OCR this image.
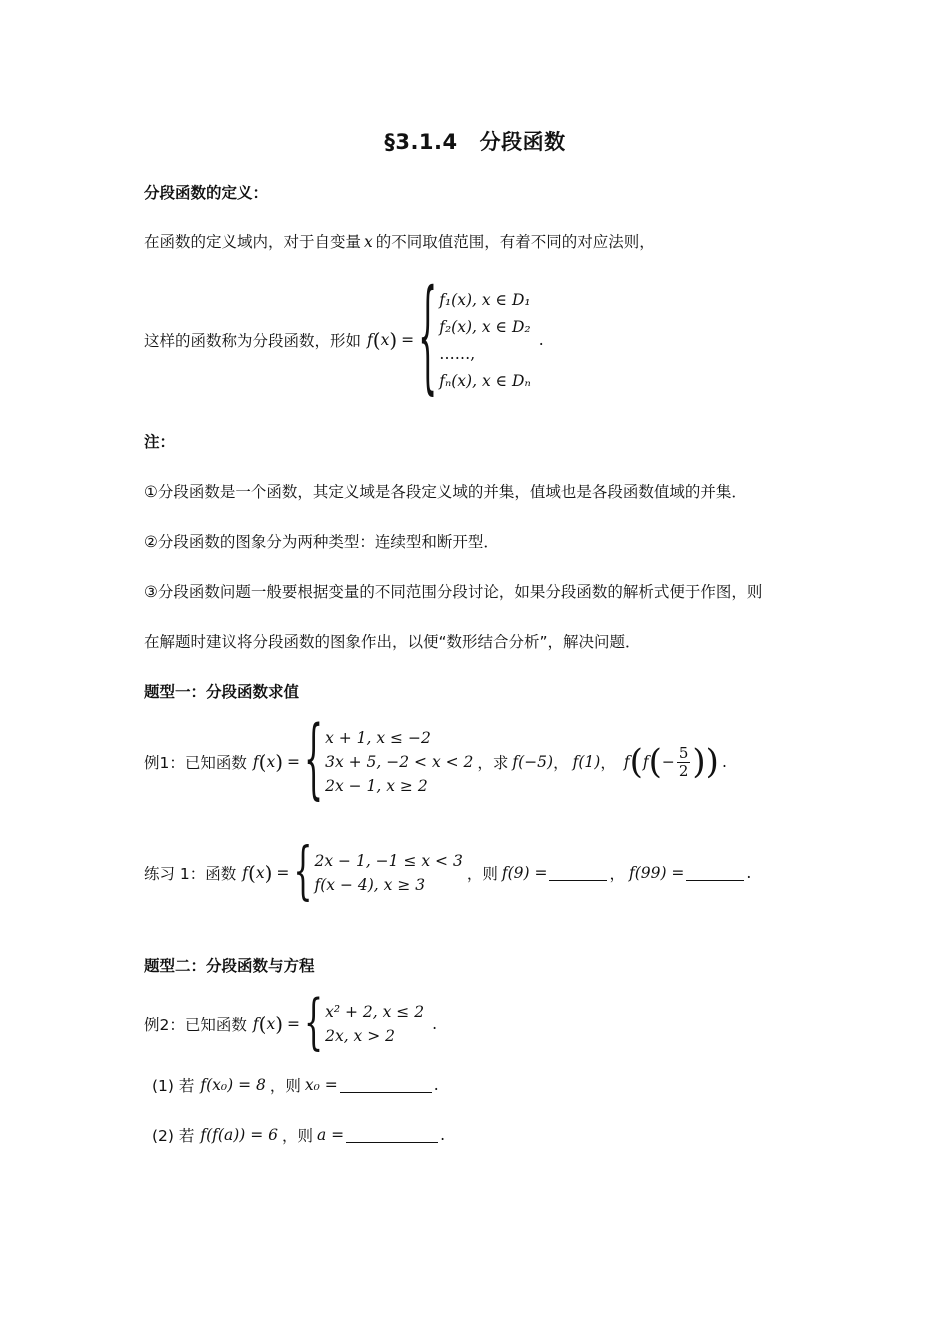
§3.1.4 分段函数
分段函数的定义：
在函数的定义域内，对于自变量 x 的不同取值范围，有着不同的对应法则，
这样的函数称为分段函数，形如 f ( x ) = { f₁(x), x ∈ D₁
f₂(x), x ∈ D₂
……,
fₙ(x), x ∈ Dₙ
.
注：
①分段函数是一个函数，其定义域是各段定义域的并集，值域也是各段函数值域的并集．
②分段函数的图象分为两种类型：连续型和断开型．
③分段函数问题一般要根据变量的不同范围分段讨论，如果分段函数的解析式便于作图，则
在解题时建议将分段函数的图象作出，以便“数形结合分析”，解决问题．
题型一：分段函数求值
例1：已知函数 f ( x ) = { x + 1, x ≤ −2
3x + 5, −2 < x < 2
2x − 1, x ≥ 2
，求 f(−5) ， f(1) ， f ( f ( − $\frac{5}{2}$ ) ) .
练习 1：函数 f ( x ) = { 2x − 1, −1 ≤ x < 3
f(x − 4), x ≥ 3
，则 f(9) =	， f(99) =	.
题型二：分段函数与方程
例2：已知函数 f ( x ) = { x² + 2, x ≤ 2
2x, x > 2
.
(1) 若 f(x₀) = 8 ，则 x₀ =	.
(2) 若 f(f(a)) = 6 ，则 a =	.
